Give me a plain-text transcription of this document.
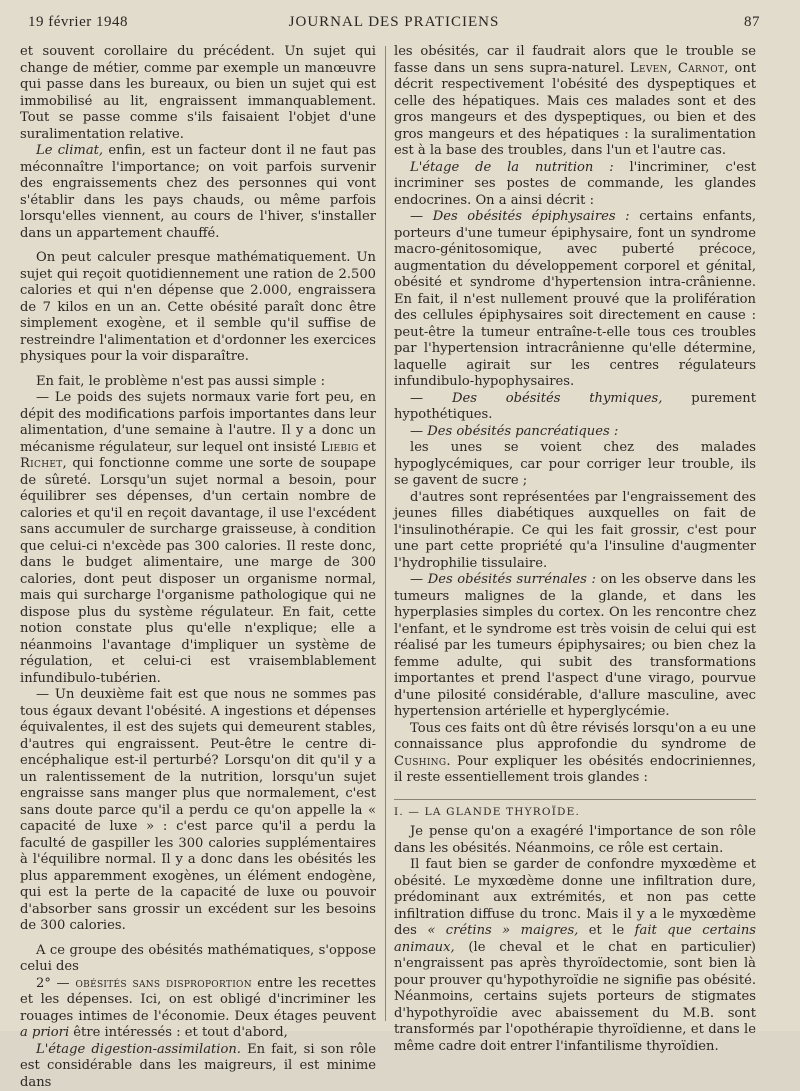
19 février 1948	JOURNAL DES PRATICIENS	87

et souvent corollaire du précédent. Un sujet qui change de métier, comme par exemple un manœuvre qui passe dans les bureaux, ou bien un sujet qui est immobilisé au lit, engraissent immanquablement. Tout se passe comme s'ils faisaient l'objet d'une suralimentation relative.

Le climat, enfin, est un facteur dont il ne faut pas méconnaître l'importance; on voit parfois survenir des engraissements chez des personnes qui vont s'établir dans les pays chauds, ou même parfois lorsqu'elles viennent, au cours de l'hiver, s'installer dans un appartement chauffé.

On peut calculer presque mathématiquement. Un sujet qui reçoit quotidiennement une ration de 2.500 calories et qui n'en dépense que 2.000, engraissera de 7 kilos en un an. Cette obésité paraît donc être simplement exogène, et il semble qu'il suffise de restreindre l'alimentation et d'ordonner les exercices physiques pour la voir disparaître.

En fait, le problème n'est pas aussi simple :

— Le poids des sujets normaux varie fort peu, en dépit des modifications parfois importantes dans leur alimentation, d'une semaine à l'autre. Il y a donc un mécanisme régulateur, sur lequel ont insisté Liebig et Richet, qui fonctionne comme une sorte de soupape de sûreté. Lorsqu'un sujet normal a besoin, pour équilibrer ses dépenses, d'un certain nombre de calories et qu'il en reçoit davantage, il use l'excédent sans accumuler de surcharge graisseuse, à condition que celui-ci n'excède pas 300 calories. Il reste donc, dans le budget alimentaire, une marge de 300 calories, dont peut disposer un organisme normal, mais qui surcharge l'organisme pathologique qui ne dispose plus du système régulateur. En fait, cette notion constate plus qu'elle n'explique; elle a néanmoins l'avantage d'impliquer un système de régulation, et celui-ci est vraisemblablement infundibulo-tubérien.

— Un deuxième fait est que nous ne sommes pas tous égaux devant l'obésité. A ingestions et dépenses équivalentes, il est des sujets qui demeurent stables, d'autres qui engraissent. Peut-être le centre di-encéphalique est-il perturbé? Lorsqu'on dit qu'il y a un ralentissement de la nutrition, lorsqu'un sujet engraisse sans manger plus que normalement, c'est sans doute parce qu'il a perdu ce qu'on appelle la « capacité de luxe » : c'est parce qu'il a perdu la faculté de gaspiller les 300 calories supplémentaires à l'équilibre normal. Il y a donc dans les obésités les plus apparemment exogènes, un élément endogène, qui est la perte de la capacité de luxe ou pouvoir d'absorber sans grossir un excédent sur les besoins de 300 calories.

A ce groupe des obésités mathématiques, s'oppose celui des

2° — obésités sans disproportion entre les recettes et les dépenses. Ici, on est obligé d'incriminer les rouages intimes de l'économie. Deux étages peuvent a priori être intéressés : et tout d'abord,

L'étage digestion-assimilation. En fait, si son rôle est considérable dans les maigreurs, il est minime dans

les obésités, car il faudrait alors que le trouble se fasse dans un sens supra-naturel. Leven, Carnot, ont décrit respectivement l'obésité des dyspeptiques et celle des hépatiques. Mais ces malades sont et des gros mangeurs et des dyspeptiques, ou bien et des gros mangeurs et des hépatiques : la suralimentation est à la base des troubles, dans l'un et l'autre cas.

L'étage de la nutrition : l'incriminer, c'est incriminer ses postes de commande, les glandes endocrines. On a ainsi décrit :

— Des obésités épiphysaires : certains enfants, porteurs d'une tumeur épiphysaire, font un syndrome macro-génitosomique, avec puberté précoce, augmentation du développement corporel et génital, obésité et syndrome d'hypertension intra-crânienne. En fait, il n'est nullement prouvé que la prolifération des cellules épiphysaires soit directement en cause : peut-être la tumeur entraîne-t-elle tous ces troubles par l'hypertension intracrânienne qu'elle détermine, laquelle agirait sur les centres régulateurs infundibulo-hypophysaires.

— Des obésités thymiques, purement hypothétiques.

— Des obésités pancréatiques :

les unes se voient chez des malades hypoglycémiques, car pour corriger leur trouble, ils se gavent de sucre ;

d'autres sont représentées par l'engraissement des jeunes filles diabétiques auxquelles on fait de l'insulinothérapie. Ce qui les fait grossir, c'est pour une part cette propriété qu'a l'insuline d'augmenter l'hydrophilie tissulaire.

— Des obésités surrénales : on les observe dans les tumeurs malignes de la glande, et dans les hyperplasies simples du cortex. On les rencontre chez l'enfant, et le syndrome est très voisin de celui qui est réalisé par les tumeurs épiphysaires; ou bien chez la femme adulte, qui subit des transformations importantes et prend l'aspect d'une virago, pourvue d'une pilosité considérable, d'allure masculine, avec hypertension artérielle et hyperglycémie.

Tous ces faits ont dû être révisés lorsqu'on a eu une connaissance plus approfondie du syndrome de Cushing. Pour expliquer les obésités endocriniennes, il reste essentiellement trois glandes :

I. — LA GLANDE THYROÏDE.

Je pense qu'on a exagéré l'importance de son rôle dans les obésités. Néanmoins, ce rôle est certain.

Il faut bien se garder de confondre myxœdème et obésité. Le myxœdème donne une infiltration dure, prédominant aux extrémités, et non pas cette infiltration diffuse du tronc. Mais il y a le myxœdème des « crétins » maigres, et le fait que certains animaux, (le cheval et le chat en particulier) n'engraissent pas après thyroïdectomie, sont bien là pour prouver qu'hypothyroïdie ne signifie pas obésité. Néanmoins, certains sujets porteurs de stigmates d'hypothyroïdie avec abaissement du M.B. sont transformés par l'opothérapie thyroïdienne, et dans le même cadre doit entrer l'infantilisme thyroïdien.
